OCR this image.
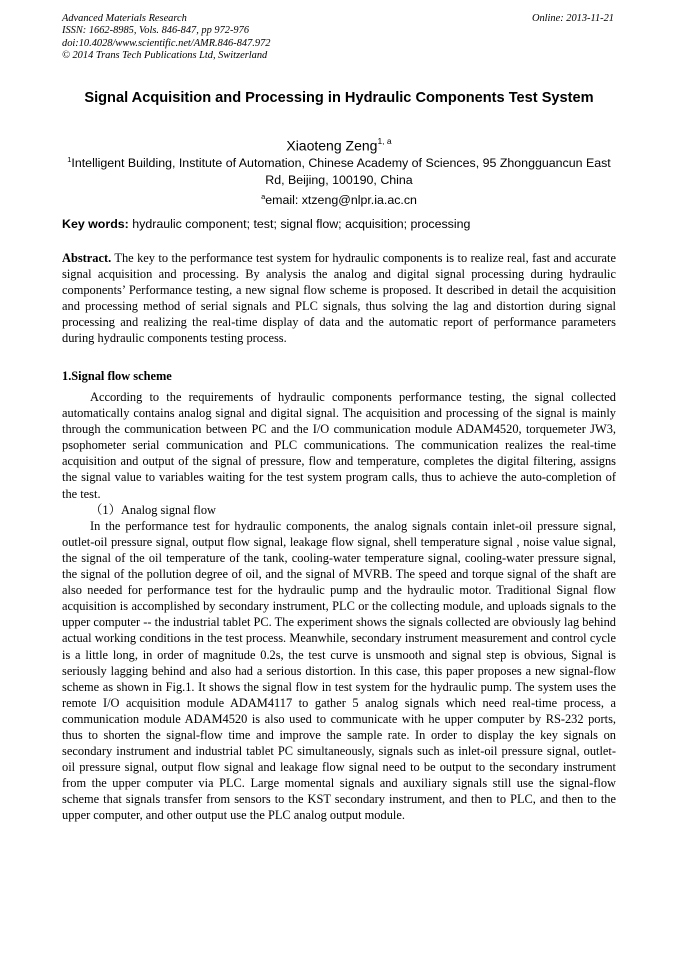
Advanced Materials Research
ISSN: 1662-8985, Vols. 846-847, pp 972-976
doi:10.4028/www.scientific.net/AMR.846-847.972
© 2014 Trans Tech Publications Ltd, Switzerland
Online: 2013-11-21
Signal Acquisition and Processing in Hydraulic Components Test System
Xiaoteng Zeng$^{1, a}$
$^1$Intelligent Building, Institute of Automation, Chinese Academy of Sciences, 95 Zhongguancun East Rd, Beijing, 100190, China
$^a$email: xtzeng@nlpr.ia.ac.cn
Key words: hydraulic component; test; signal flow; acquisition; processing
Abstract. The key to the performance test system for hydraulic components is to realize real, fast and accurate signal acquisition and processing. By analysis the analog and digital signal processing during hydraulic components’ Performance testing, a new signal flow scheme is proposed. It described in detail the acquisition and processing method of serial signals and PLC signals, thus solving the lag and distortion during signal processing and realizing the real-time display of data and the automatic report of performance parameters during hydraulic components testing process.
1.Signal flow scheme

According to the requirements of hydraulic components performance testing, the signal collected automatically contains analog signal and digital signal. The acquisition and processing of the signal is mainly through the communication between PC and the I/O communication module ADAM4520, torquemeter JW3, psophometer serial communication and PLC communications. The communication realizes the real-time acquisition and output of the signal of pressure, flow and temperature, completes the digital filtering, assigns the signal value to variables waiting for the test system program calls, thus to achieve the auto-completion of the test.

（1）Analog signal flow

In the performance test for hydraulic components, the analog signals contain inlet-oil pressure signal, outlet-oil pressure signal, output flow signal, leakage flow signal, shell temperature signal , noise value signal, the signal of the oil temperature of the tank, cooling-water temperature signal, cooling-water pressure signal, the signal of the pollution degree of oil, and the signal of MVRB. The speed and torque signal of the shaft are also needed for performance test for the hydraulic pump and the hydraulic motor. Traditional Signal flow acquisition is accomplished by secondary instrument, PLC or the collecting module, and uploads signals to the upper computer -- the industrial tablet PC. The experiment shows the signals collected are obviously lag behind actual working conditions in the test process. Meanwhile, secondary instrument measurement and control cycle is a little long, in order of magnitude 0.2s, the test curve is unsmooth and signal step is obvious, Signal is seriously lagging behind and also had a serious distortion. In this case, this paper proposes a new signal-flow scheme as shown in Fig.1. It shows the signal flow in test system for the hydraulic pump. The system uses the remote I/O acquisition module ADAM4117 to gather 5 analog signals which need real-time process, a communication module ADAM4520 is also used to communicate with he upper computer by RS-232 ports, thus to shorten the signal-flow time and improve the sample rate. In order to display the key signals on secondary instrument and industrial tablet PC simultaneously, signals such as inlet-oil pressure signal, outlet-oil pressure signal, output flow signal and leakage flow signal need to be output to the secondary instrument from the upper computer via PLC. Large momental signals and auxiliary signals still use the signal-flow scheme that signals transfer from sensors to the KST secondary instrument, and then to PLC, and then to the upper computer, and other output use the PLC analog output module.
